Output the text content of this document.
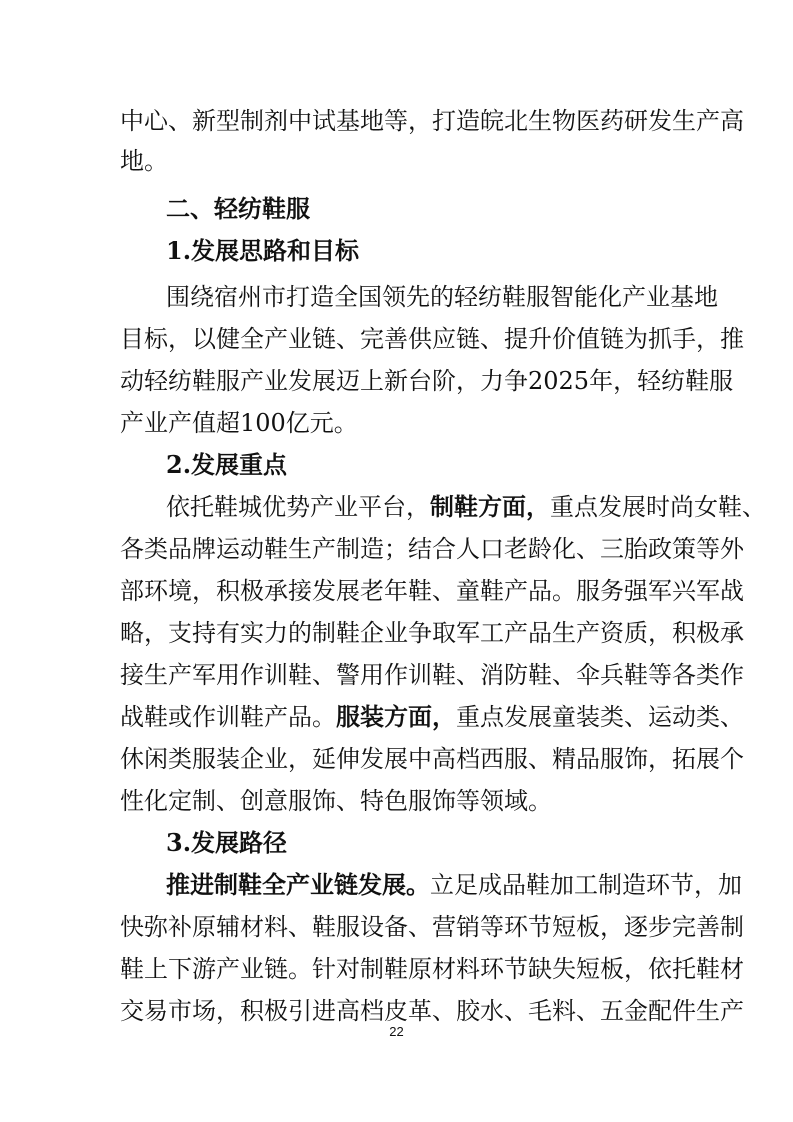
中心、新型制剂中试基地等，打造皖北生物医药研发生产高
地。
二、轻纺鞋服
1.发展思路和目标
围绕宿州市打造全国领先的轻纺鞋服智能化产业基地
目标，以健全产业链、完善供应链、提升价值链为抓手，推
动轻纺鞋服产业发展迈上新台阶，力争2025年，轻纺鞋服
产业产值超100亿元。
2.发展重点
依托鞋城优势产业平台，制鞋方面，重点发展时尚女鞋、
各类品牌运动鞋生产制造；结合人口老龄化、三胎政策等外
部环境，积极承接发展老年鞋、童鞋产品。服务强军兴军战
略，支持有实力的制鞋企业争取军工产品生产资质，积极承
接生产军用作训鞋、警用作训鞋、消防鞋、伞兵鞋等各类作
战鞋或作训鞋产品。服装方面，重点发展童装类、运动类、
休闲类服装企业，延伸发展中高档西服、精品服饰，拓展个
性化定制、创意服饰、特色服饰等领域。
3.发展路径
推进制鞋全产业链发展。立足成品鞋加工制造环节，加
快弥补原辅材料、鞋服设备、营销等环节短板，逐步完善制
鞋上下游产业链。针对制鞋原材料环节缺失短板，依托鞋材
交易市场，积极引进高档皮革、胶水、毛料、五金配件生产
22
